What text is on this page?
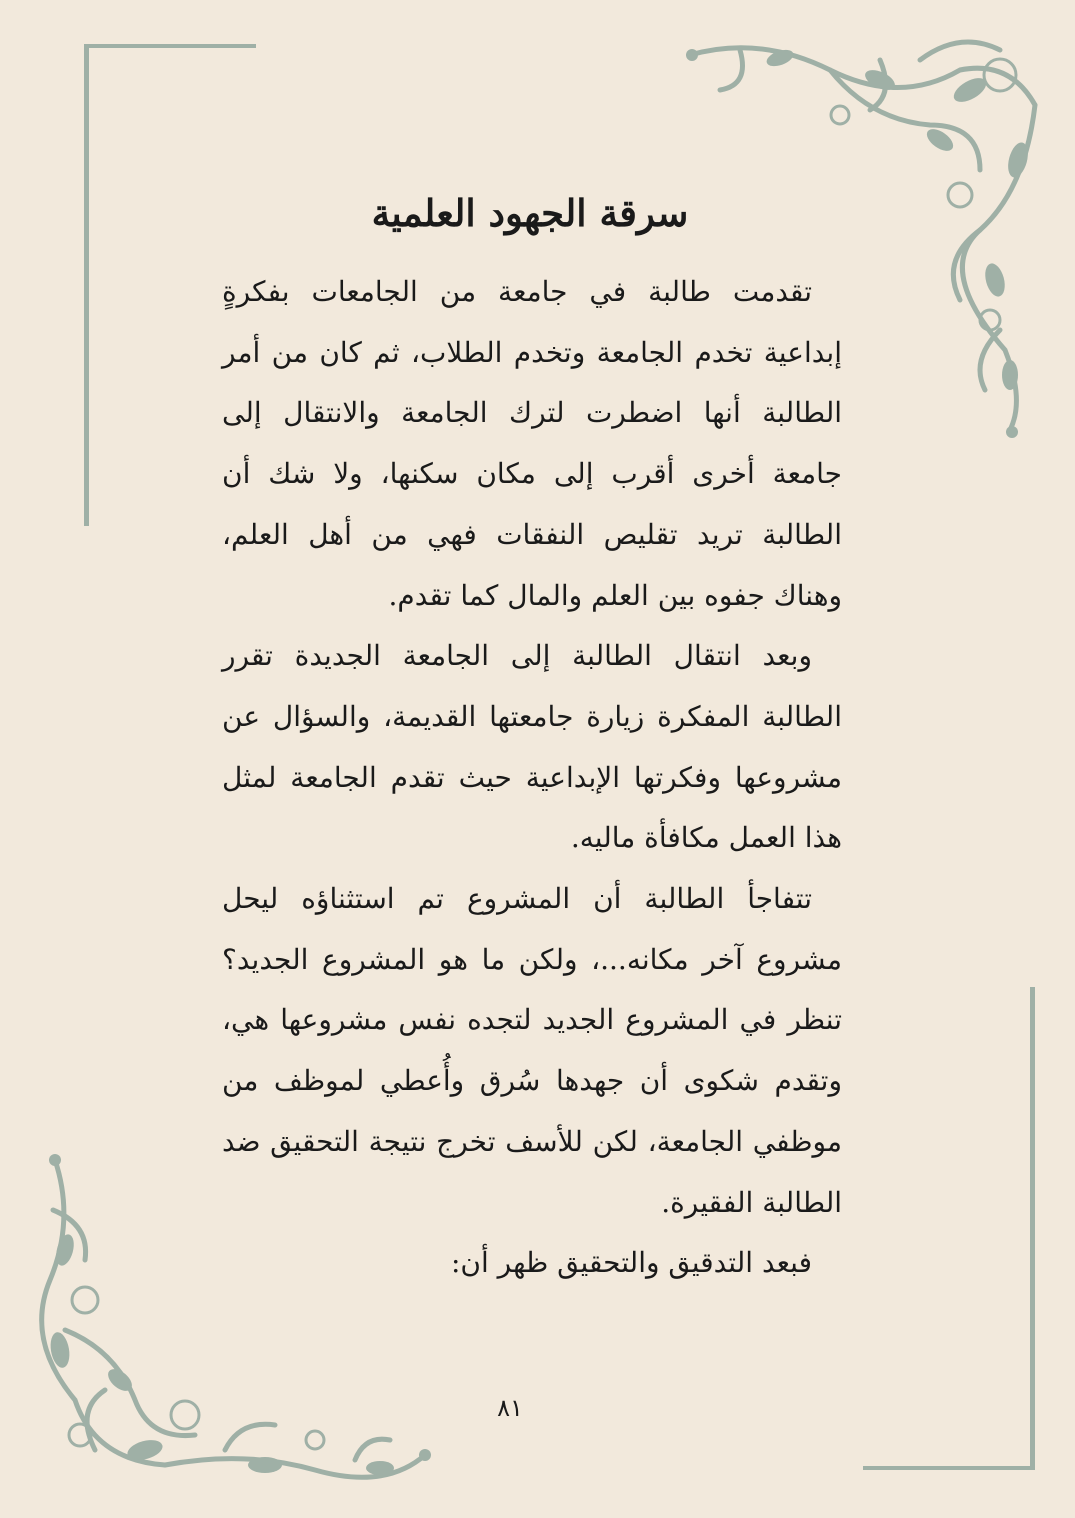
سرقة الجهود العلمية

تقدمت طالبة في جامعة من الجامعات بفكرةٍ إبداعية تخدم الجامعة وتخدم الطلاب، ثم كان من أمر الطالبة أنها اضطرت لترك الجامعة والانتقال إلى جامعة أخرى أقرب إلى مكان سكنها، ولا شك أن الطالبة تريد تقليص النفقات فهي من أهل العلم، وهناك جفوه بين العلم والمال كما تقدم.

وبعد انتقال الطالبة إلى الجامعة الجديدة تقرر الطالبة المفكرة زيارة جامعتها القديمة، والسؤال عن مشروعها وفكرتها الإبداعية حيث تقدم الجامعة لمثل هذا العمل مكافأة ماليه.

تتفاجأ الطالبة أن المشروع تم استثناؤه ليحل مشروع آخر مكانه...، ولكن ما هو المشروع الجديد؟ تنظر في المشروع الجديد لتجده نفس مشروعها هي، وتقدم شكوى أن جهدها سُرق وأُعطي لموظف من موظفي الجامعة، لكن للأسف تخرج نتيجة التحقيق ضد الطالبة الفقيرة.

فبعد التدقيق والتحقيق ظهر أن:

٨١
